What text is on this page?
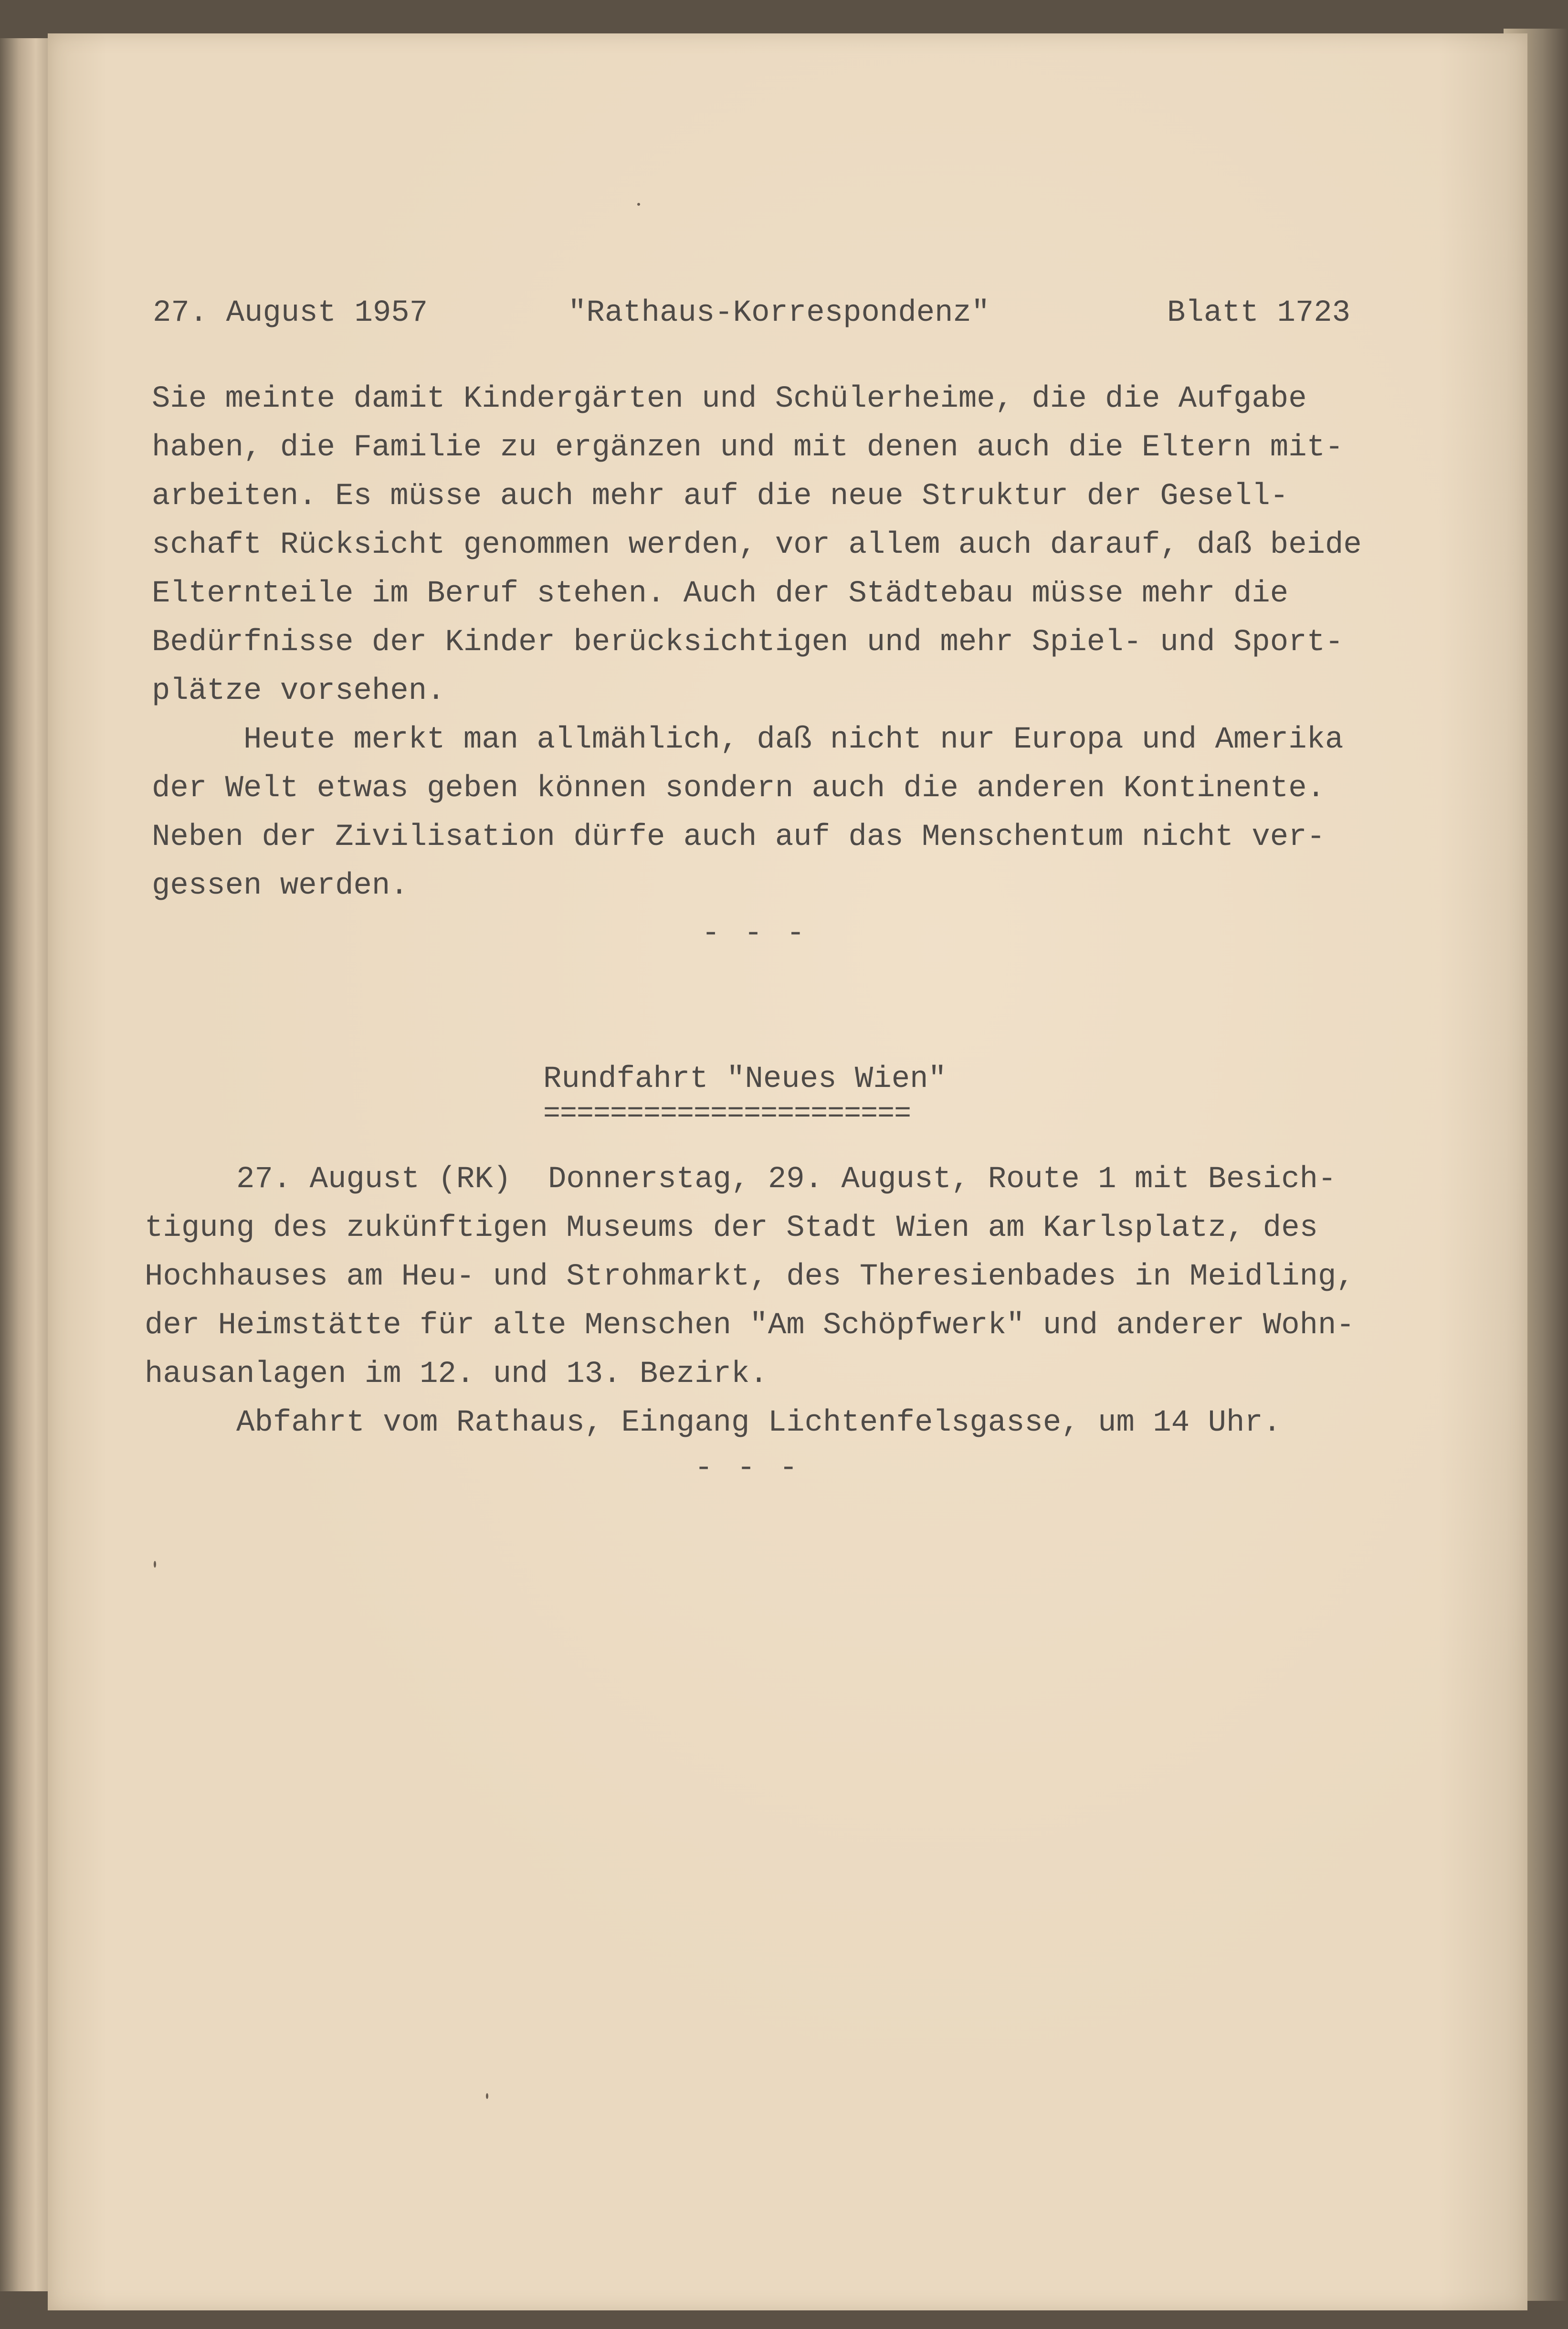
27. August 1957	"Rathaus-Korrespondenz"	Blatt 1723
Sie meinte damit Kindergärten und Schülerheime, die die Aufgabe
haben, die Familie zu ergänzen und mit denen auch die Eltern mit-
arbeiten. Es müsse auch mehr auf die neue Struktur der Gesell-
schaft Rücksicht genommen werden, vor allem auch darauf, daß beide
Elternteile im Beruf stehen. Auch der Städtebau müsse mehr die
Bedürfnisse der Kinder berücksichtigen und mehr Spiel- und Sport-
plätze vorsehen.
Heute merkt man allmählich, daß nicht nur Europa und Amerika
der Welt etwas geben können sondern auch die anderen Kontinente.
Neben der Zivilisation dürfe auch auf das Menschentum nicht ver-
gessen werden.
- - -
Rundfahrt "Neues Wien"
======================
27. August (RK)  Donnerstag, 29. August, Route 1 mit Besich-
tigung des zukünftigen Museums der Stadt Wien am Karlsplatz, des
Hochhauses am Heu- und Strohmarkt, des Theresienbades in Meidling,
der Heimstätte für alte Menschen "Am Schöpfwerk" und anderer Wohn-
hausanlagen im 12. und 13. Bezirk.
Abfahrt vom Rathaus, Eingang Lichtenfelsgasse, um 14 Uhr.
- - -
